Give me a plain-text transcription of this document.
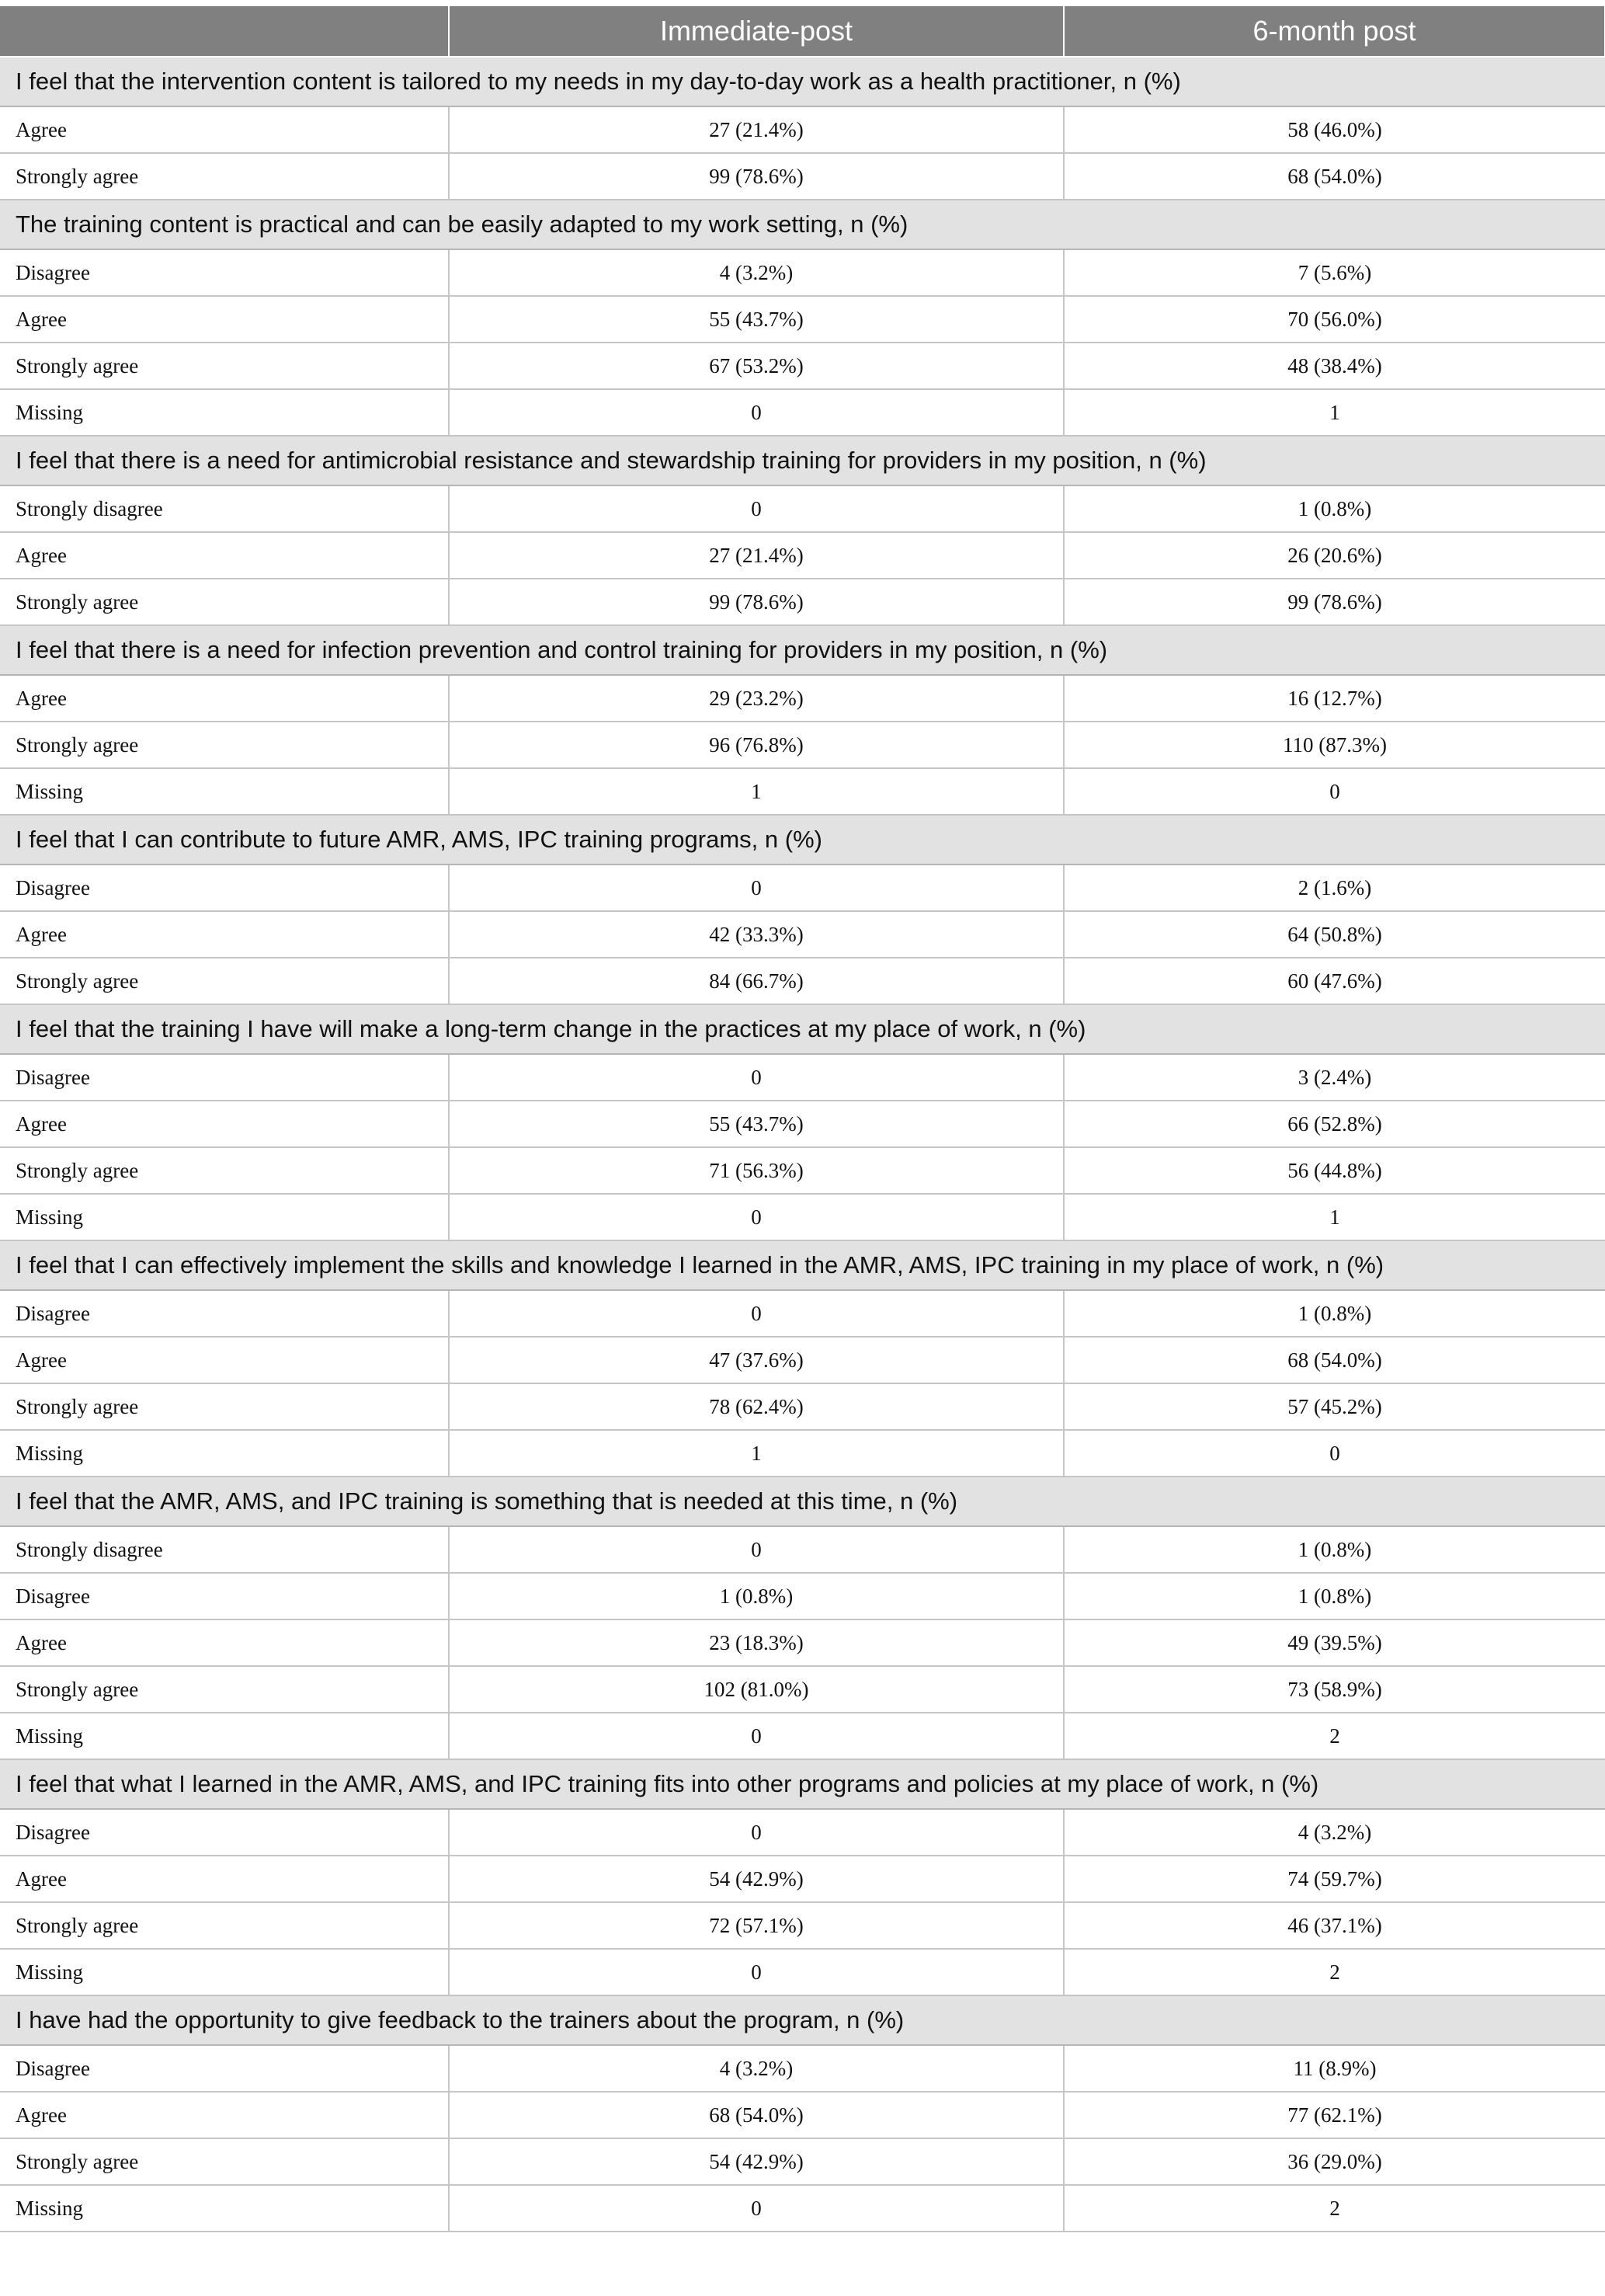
	Immediate-post	6-month post
I feel that the intervention content is tailored to my needs in my day-to-day work as a health practitioner, n (%)		
Agree	27 (21.4%)	58 (46.0%)
Strongly agree	99 (78.6%)	68 (54.0%)
The training content is practical and can be easily adapted to my work setting, n (%)		
Disagree	4 (3.2%)	7 (5.6%)
Agree	55 (43.7%)	70 (56.0%)
Strongly agree	67 (53.2%)	48 (38.4%)
Missing	0	1
I feel that there is a need for antimicrobial resistance and stewardship training for providers in my position, n (%)		
Strongly disagree	0	1 (0.8%)
Agree	27 (21.4%)	26 (20.6%)
Strongly agree	99 (78.6%)	99 (78.6%)
I feel that there is a need for infection prevention and control training for providers in my position, n (%)		
Agree	29 (23.2%)	16 (12.7%)
Strongly agree	96 (76.8%)	110 (87.3%)
Missing	1	0
I feel that I can contribute to future AMR, AMS, IPC training programs, n (%)		
Disagree	0	2 (1.6%)
Agree	42 (33.3%)	64 (50.8%)
Strongly agree	84 (66.7%)	60 (47.6%)
I feel that the training I have will make a long-term change in the practices at my place of work, n (%)		
Disagree	0	3 (2.4%)
Agree	55 (43.7%)	66 (52.8%)
Strongly agree	71 (56.3%)	56 (44.8%)
Missing	0	1
I feel that I can effectively implement the skills and knowledge I learned in the AMR, AMS, IPC training in my place of work, n (%)		
Disagree	0	1 (0.8%)
Agree	47 (37.6%)	68 (54.0%)
Strongly agree	78 (62.4%)	57 (45.2%)
Missing	1	0
I feel that the AMR, AMS, and IPC training is something that is needed at this time, n (%)		
Strongly disagree	0	1 (0.8%)
Disagree	1 (0.8%)	1 (0.8%)
Agree	23 (18.3%)	49 (39.5%)
Strongly agree	102 (81.0%)	73 (58.9%)
Missing	0	2
I feel that what I learned in the AMR, AMS, and IPC training fits into other programs and policies at my place of work, n (%)		
Disagree	0	4 (3.2%)
Agree	54 (42.9%)	74 (59.7%)
Strongly agree	72 (57.1%)	46 (37.1%)
Missing	0	2
I have had the opportunity to give feedback to the trainers about the program, n (%)		
Disagree	4 (3.2%)	11 (8.9%)
Agree	68 (54.0%)	77 (62.1%)
Strongly agree	54 (42.9%)	36 (29.0%)
Missing	0	2
